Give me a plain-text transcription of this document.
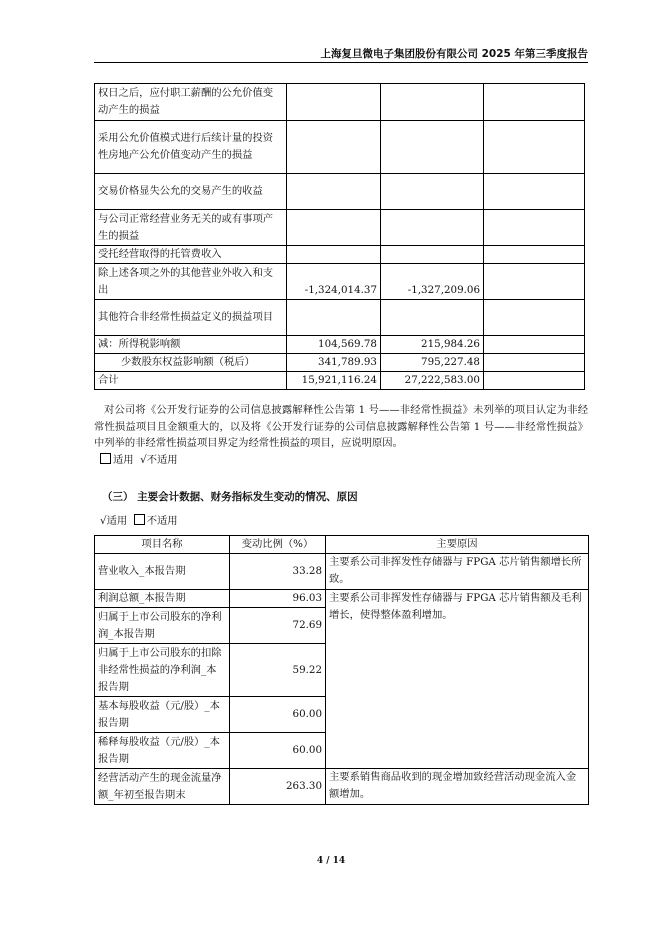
上海复旦微电子集团股份有限公司 2025 年第三季度报告
权日之后，应付职工薪酬的公允价值变动产生的损益			
采用公允价值模式进行后续计量的投资性房地产公允价值变动产生的损益			
交易价格显失公允的交易产生的收益			
与公司正常经营业务无关的或有事项产生的损益			
受托经营取得的托管费收入			
除上述各项之外的其他营业外收入和支出	-1,324,014.37	-1,327,209.06	
其他符合非经常性损益定义的损益项目			
减：所得税影响额	104,569.78	215,984.26	
少数股东权益影响额（税后）	341,789.93	795,227.48	
合计	15,921,116.24	27,222,583.00	
对公司将《公开发行证券的公司信息披露解释性公告第 1 号——非经常性损益》未列举的项目认定为非经常性损益项目且金额重大的，以及将《公开发行证券的公司信息披露解释性公告第 1 号——非经常性损益》中列举的非经常性损益项目界定为经常性损益的项目，应说明原因。
适用 √不适用
（三） 主要会计数据、财务指标发生变动的情况、原因
√适用 不适用
项目名称	变动比例（%）	主要原因
营业收入_本报告期	33.28	主要系公司非挥发性存储器与 FPGA 芯片销售额增长所致。
利润总额_本报告期	96.03	主要系公司非挥发性存储器与 FPGA 芯片销售额及毛利增长，使得整体盈利增加。
归属于上市公司股东的净利润_本报告期	72.69	
归属于上市公司股东的扣除非经常性损益的净利润_本报告期	59.22	
基本每股收益（元/股）_本报告期	60.00	
稀释每股收益（元/股）_本报告期	60.00	
经营活动产生的现金流量净额_年初至报告期末	263.30	主要系销售商品收到的现金增加致经营活动现金流入金额增加。
4 / 14
